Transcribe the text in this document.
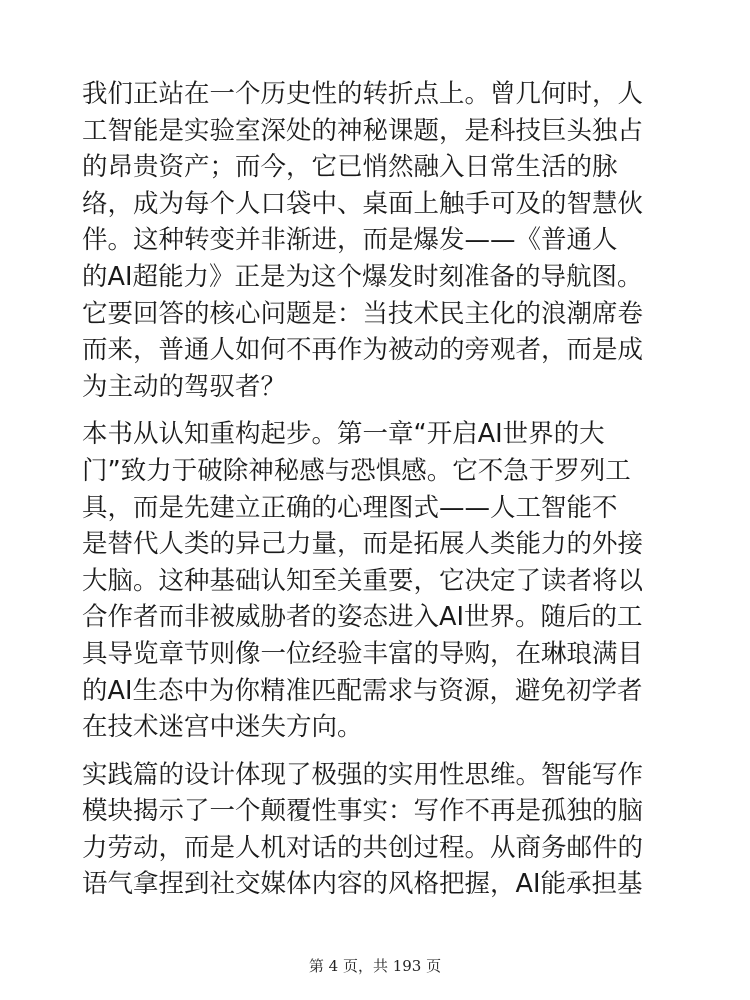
我们正站在一个历史性的转折点上。曾几何时，人
工智能是实验室深处的神秘课题，是科技巨头独占
的昂贵资产；而今，它已悄然融入日常生活的脉
络，成为每个人口袋中、桌面上触手可及的智慧伙
伴。这种转变并非渐进，而是爆发——《普通人
的AI超能力》正是为这个爆发时刻准备的导航图。
它要回答的核心问题是：当技术民主化的浪潮席卷
而来，普通人如何不再作为被动的旁观者，而是成
为主动的驾驭者？

本书从认知重构起步。第一章“开启AI世界的大
门”致力于破除神秘感与恐惧感。它不急于罗列工
具，而是先建立正确的心理图式——人工智能不
是替代人类的异己力量，而是拓展人类能力的外接
大脑。这种基础认知至关重要，它决定了读者将以
合作者而非被威胁者的姿态进入AI世界。随后的工
具导览章节则像一位经验丰富的导购，在琳琅满目
的AI生态中为你精准匹配需求与资源，避免初学者
在技术迷宫中迷失方向。

实践篇的设计体现了极强的实用性思维。智能写作
模块揭示了一个颠覆性事实：写作不再是孤独的脑
力劳动，而是人机对话的共创过程。从商务邮件的
语气拿捏到社交媒体内容的风格把握，AI能承担基

第 4 页，共 193 页
